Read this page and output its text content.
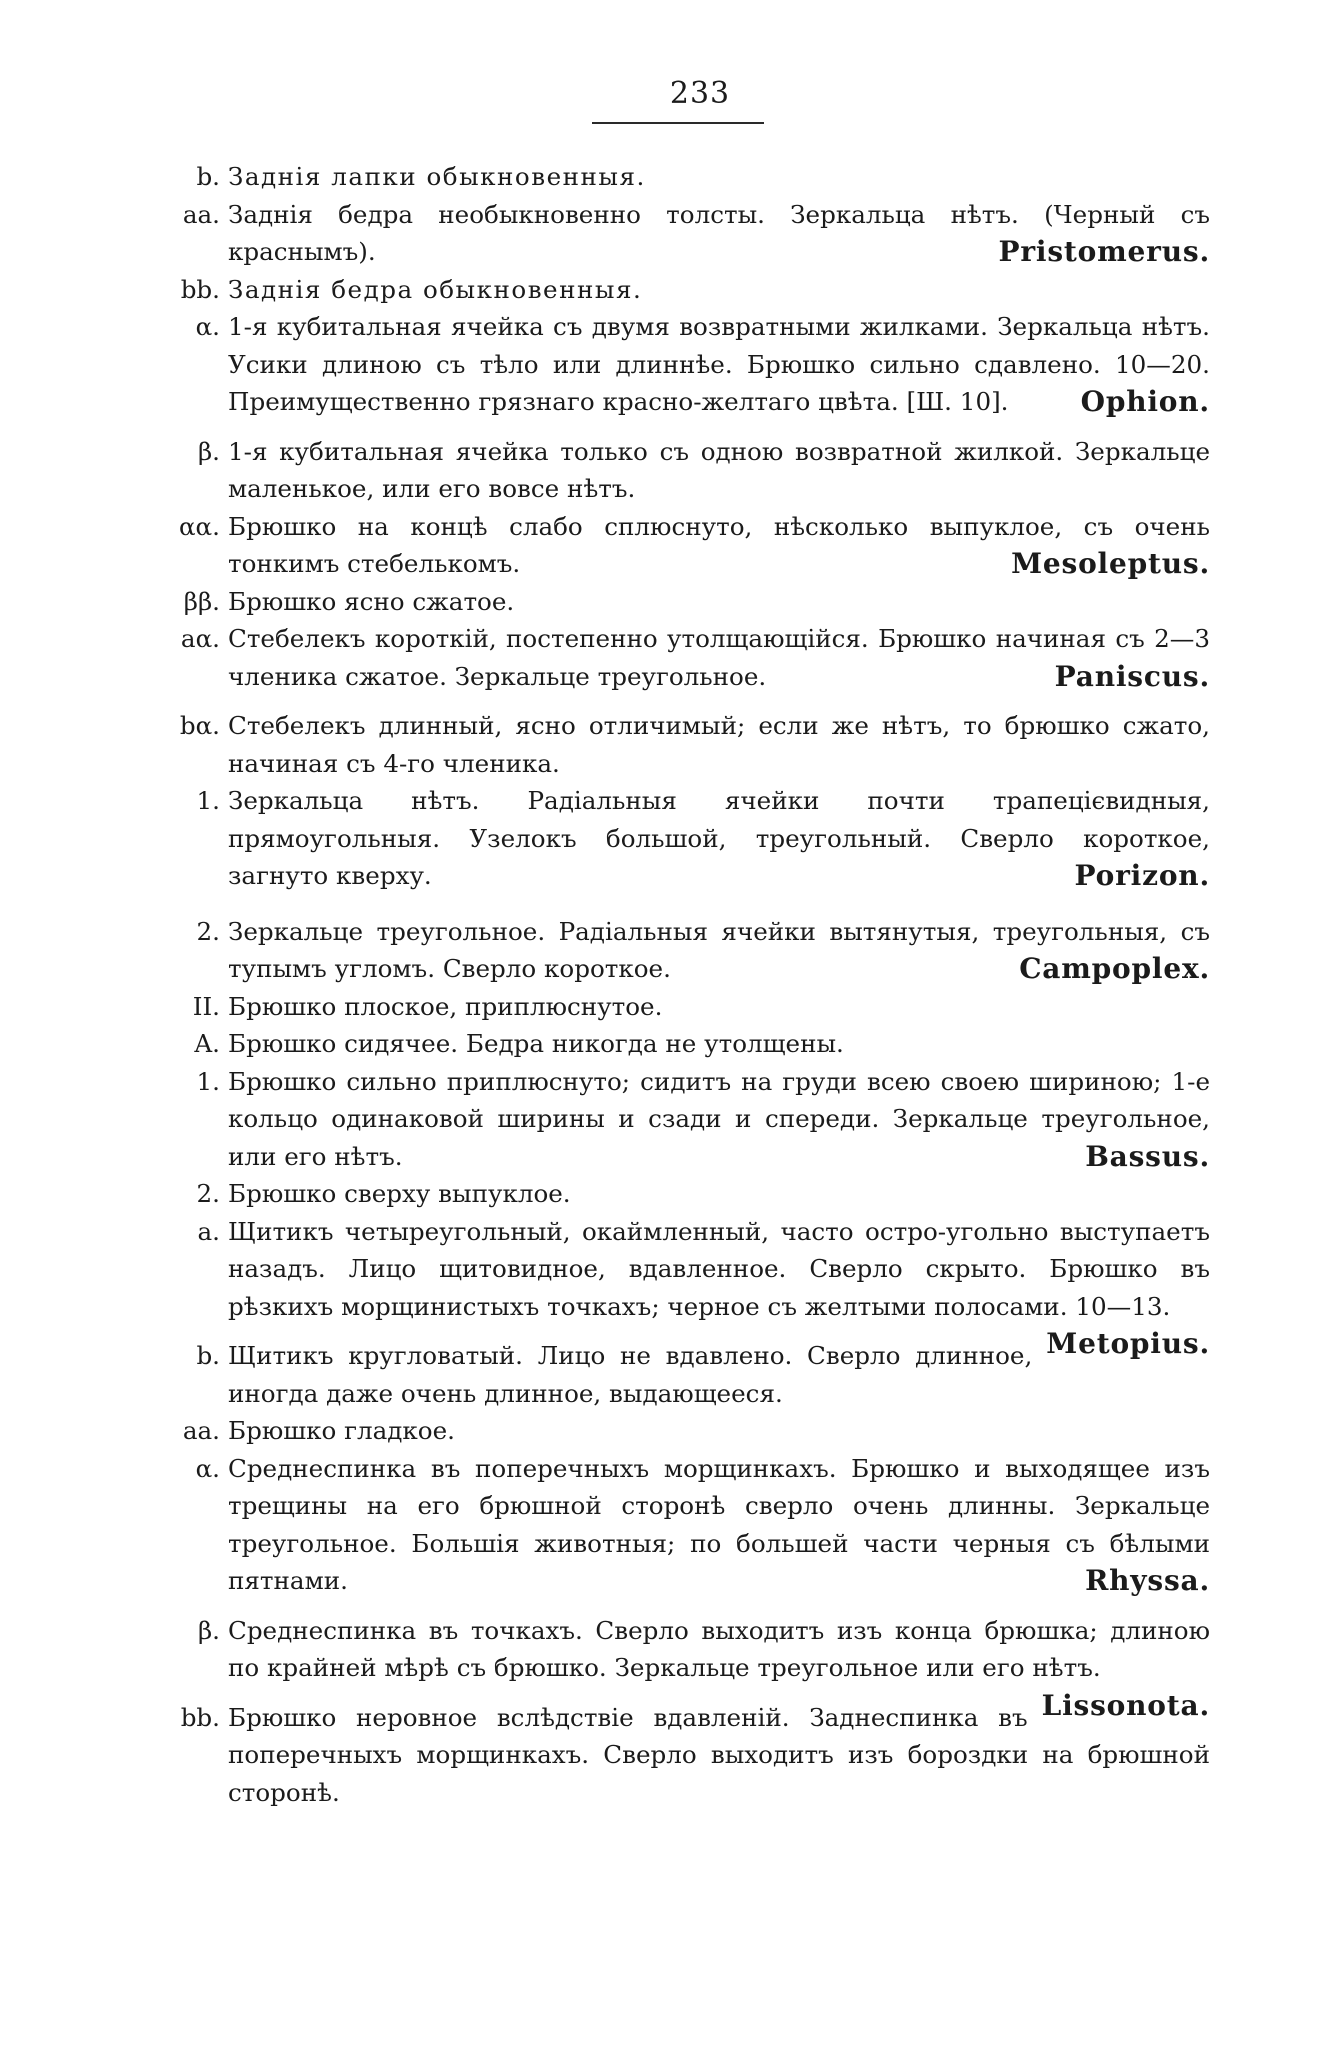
233
b. Заднія лапки обыкновенныя.
aa. Заднія бедра необыкновенно толсты. Зеркальца нѣтъ. (Черный съ краснымъ).	Pristomerus.
bb. Заднія бедра обыкновенныя.
α. 1-я кубитальная ячейка съ двумя возвратными жилками. Зеркальца нѣтъ. Усики длиною съ тѣло или длиннѣе. Брюшко сильно сдавлено. 10—20. Преимущественно грязнаго красно-желтаго цвѣта. [Ш. 10].	Ophion.
β. 1-я кубитальная ячейка только съ одною возвратной жилкой. Зеркальце маленькое, или его вовсе нѣтъ.
αα. Брюшко на концѣ слабо сплюснуто, нѣсколько выпуклое, съ очень тонкимъ стебелькомъ.	Mesoleptus.
ββ. Брюшко ясно сжатое.
aα. Стебелекъ короткій, постепенно утолщающійся. Брюшко начиная съ 2—3 членика сжатое. Зеркальце треугольное.	Paniscus.
bα. Стебелекъ длинный, ясно отличимый; если же нѣтъ, то брюшко сжато, начиная съ 4-го членика.
1. Зеркальца нѣтъ. Радіальныя ячейки почти трапецієвидныя, прямоугольныя. Узелокъ большой, треугольный. Сверло короткое, загнуто кверху.	Porizon.
2. Зеркальце треугольное. Радіальныя ячейки вытянутыя, треугольныя, съ тупымъ угломъ. Сверло короткое.	Campoplex.
II. Брюшко плоское, приплюснутое.
A. Брюшко сидячее. Бедра никогда не утолщены.
1. Брюшко сильно приплюснуто; сидитъ на груди всею своею шириною; 1-е кольцо одинаковой ширины и сзади и спереди. Зеркальце треугольное, или его нѣтъ.	Bassus.
2. Брюшко сверху выпуклое.
a. Щитикъ четыреугольный, окаймленный, часто остро-угольно выступаетъ назадъ. Лицо щитовидное, вдавленное. Сверло скрыто. Брюшко въ рѣзкихъ морщинистыхъ точкахъ; черное съ желтыми полосами. 10—13.
Metopius.
b. Щитикъ кругловатый. Лицо не вдавлено. Сверло длинное, иногда даже очень длинное, выдающееся.
aa. Брюшко гладкое.
α. Среднеспинка въ поперечныхъ морщинкахъ. Брюшко и выходящее изъ трещины на его брюшной сторонѣ сверло очень длинны. Зеркальце треугольное. Большія животныя; по большей части черныя съ бѣлыми пятнами.	Rhyssa.
β. Среднеспинка въ точкахъ. Сверло выходитъ изъ конца брюшка; длиною по крайней мѣрѣ съ брюшко. Зеркальце треугольное или его нѣтъ.
Lissonota.
bb. Брюшко неровное вслѣдствіе вдавленій. Заднеспинка въ поперечныхъ морщинкахъ. Сверло выходитъ изъ бороздки на брюшной сторонѣ.
